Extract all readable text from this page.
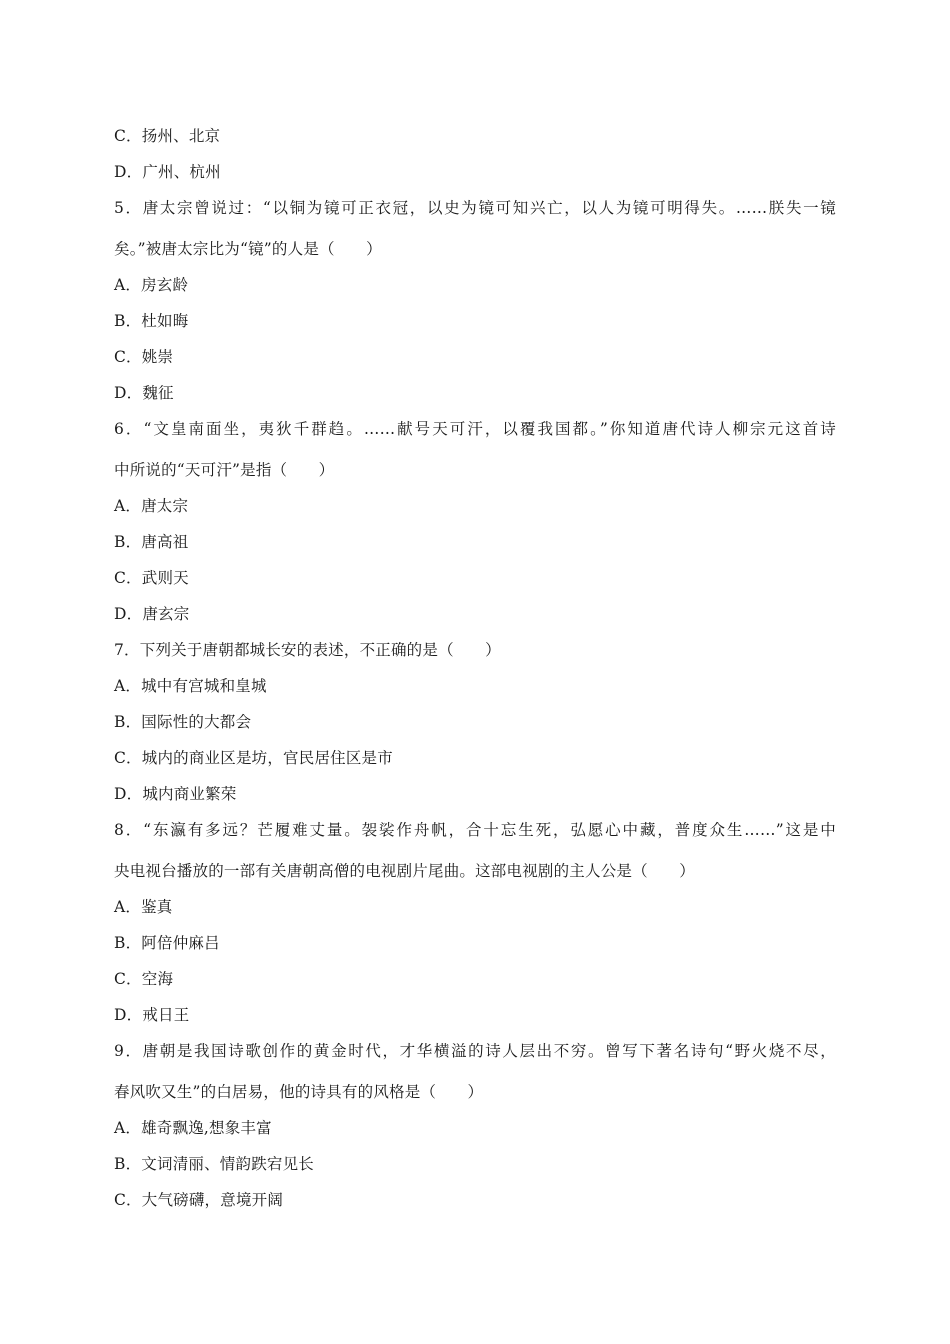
C．扬州、北京
D．广州、杭州
5．唐太宗曾说过：“以铜为镜可正衣冠，以史为镜可知兴亡，以人为镜可明得失。……朕失一镜
矣。”被唐太宗比为“镜”的人是（　　）
A．房玄龄
B．杜如晦
C．姚崇
D．魏征
6．“文皇南面坐，夷狄千群趋。……献号天可汗，以覆我国都。”你知道唐代诗人柳宗元这首诗
中所说的“天可汗”是指（　　）
A．唐太宗
B．唐高祖
C．武则天
D．唐玄宗
7．下列关于唐朝都城长安的表述，不正确的是（　　）
A．城中有宫城和皇城
B．国际性的大都会
C．城内的商业区是坊，官民居住区是市
D．城内商业繁荣
8．“东瀛有多远？芒履难丈量。袈裟作舟帆，合十忘生死，弘愿心中藏，普度众生……”这是中
央电视台播放的一部有关唐朝高僧的电视剧片尾曲。这部电视剧的主人公是（　　）
A．鉴真
B．阿倍仲麻吕
C．空海
D．戒日王
9．唐朝是我国诗歌创作的黄金时代，才华横溢的诗人层出不穷。曾写下著名诗句“野火烧不尽，
春风吹又生”的白居易，他的诗具有的风格是（　　）
A．雄奇飘逸,想象丰富
B．文词清丽、情韵跌宕见长
C．大气磅礴，意境开阔
